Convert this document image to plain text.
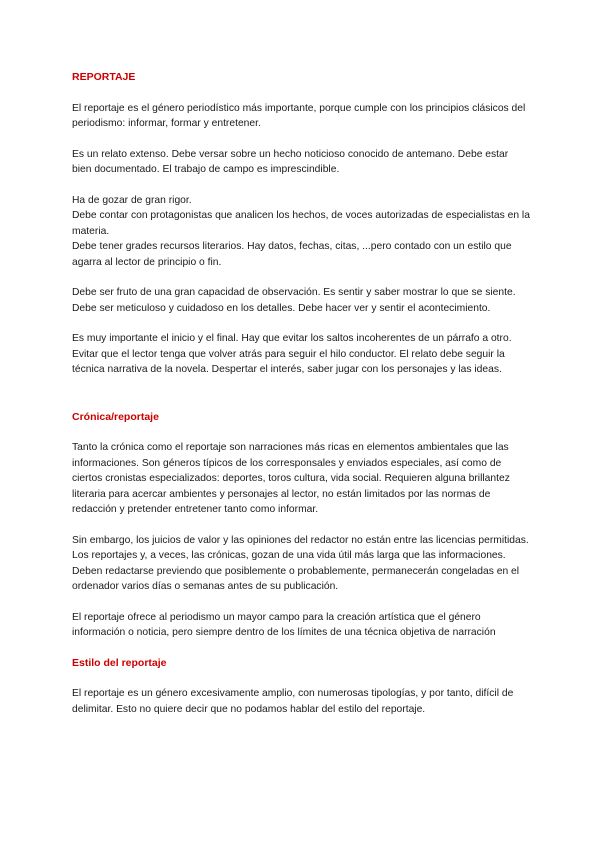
REPORTAJE

El reportaje es el género periodístico más importante, porque cumple con los principios clásicos del periodismo: informar, formar y entretener.

Es un relato extenso. Debe versar sobre un hecho noticioso conocido de antemano. Debe estar bien documentado. El trabajo de campo es imprescindible.

Ha de gozar de gran rigor.

Debe contar con protagonistas que analicen los hechos, de voces autorizadas de especialistas en la materia.

Debe tener grades recursos literarios. Hay datos, fechas, citas, ...pero contado con un estilo que agarra al lector de principio o fin.

Debe ser fruto de una gran capacidad de observación. Es sentir y saber mostrar lo que se siente. Debe ser meticuloso y cuidadoso en los detalles. Debe hacer ver y sentir el acontecimiento.

Es muy importante el inicio y el final. Hay que evitar los saltos incoherentes de un párrafo a otro. Evitar que el lector tenga que volver atrás para seguir el hilo conductor. El relato debe seguir la técnica narrativa de la novela. Despertar el interés, saber jugar con los personajes y las ideas.

Crónica/reportaje

Tanto la crónica como el reportaje son narraciones más ricas en elementos ambientales que las informaciones. Son géneros típicos de los corresponsales y enviados especiales, así como de ciertos cronistas especializados: deportes, toros cultura, vida social. Requieren alguna brillantez literaria para acercar ambientes y personajes al lector, no están limitados por las normas de redacción y pretender entretener tanto como informar.

Sin embargo, los juicios de valor y las opiniones del redactor no están entre las licencias permitidas. Los reportajes y, a veces, las crónicas, gozan de una vida útil más larga que las informaciones. Deben redactarse previendo que posiblemente o probablemente, permanecerán congeladas en el ordenador varios días o semanas antes de su publicación.

El reportaje ofrece al periodismo un mayor campo para la creación artística que el género información o noticia, pero siempre dentro de los límites de una técnica objetiva de narración

Estilo del reportaje

El reportaje es un género excesivamente amplio, con numerosas tipologías, y por tanto, difícil de delimitar. Esto no quiere decir que no podamos hablar del estilo del reportaje.
